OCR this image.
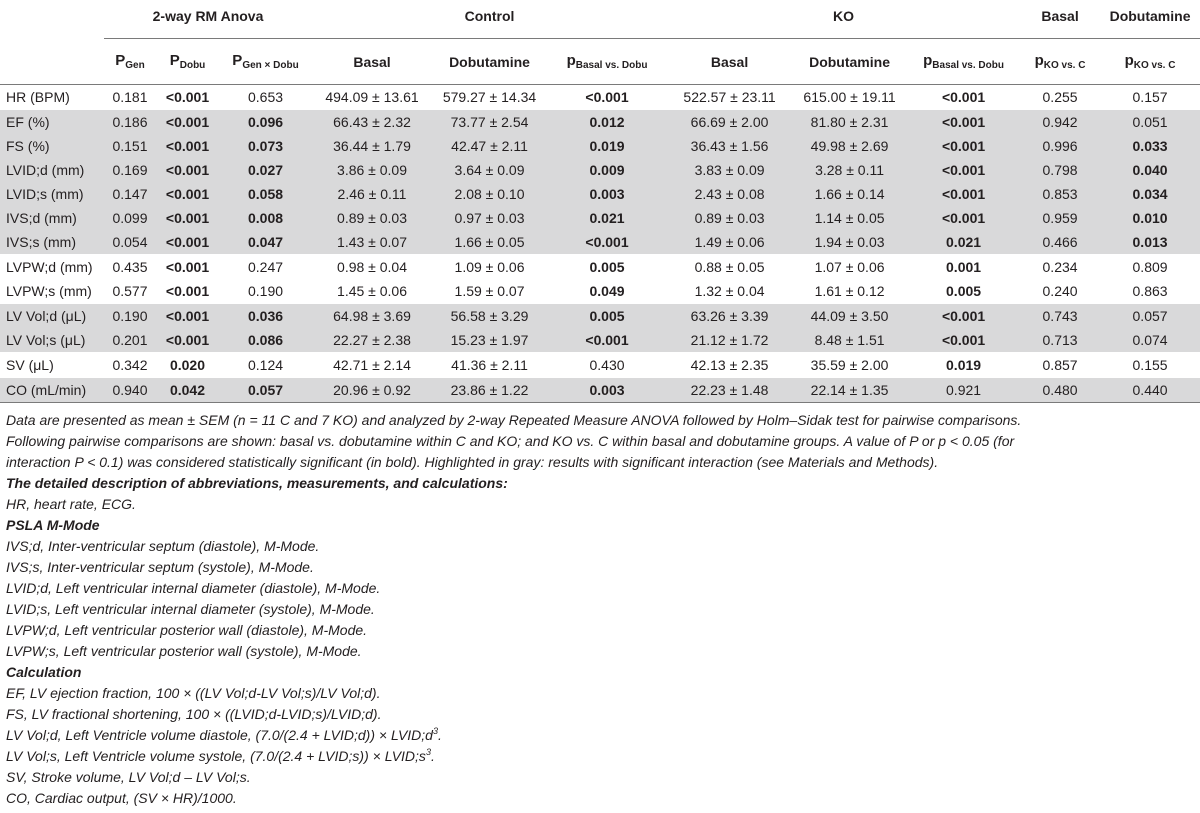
	2-way RM Anova			Control			KO			Basal	Dobutamine
	$P_{Gen}$	$P_{Dobu}$	$P_{Gen \times Dobu}$	Basal	Dobutamine	$p_{Basal vs. Dobu}$	Basal	Dobutamine	$p_{Basal vs. Dobu}$	$p_{KO vs. C}$	$p_{KO vs. C}$
HR (BPM)	0.181	<0.001	0.653	494.09 ± 13.61	579.27 ± 14.34	<0.001	522.57 ± 23.11	615.00 ± 19.11	<0.001	0.255	0.157
EF (%)	0.186	<0.001	0.096	66.43 ± 2.32	73.77 ± 2.54	0.012	66.69 ± 2.00	81.80 ± 2.31	<0.001	0.942	0.051
FS (%)	0.151	<0.001	0.073	36.44 ± 1.79	42.47 ± 2.11	0.019	36.43 ± 1.56	49.98 ± 2.69	<0.001	0.996	0.033
LVID;d (mm)	0.169	<0.001	0.027	3.86 ± 0.09	3.64 ± 0.09	0.009	3.83 ± 0.09	3.28 ± 0.11	<0.001	0.798	0.040
LVID;s (mm)	0.147	<0.001	0.058	2.46 ± 0.11	2.08 ± 0.10	0.003	2.43 ± 0.08	1.66 ± 0.14	<0.001	0.853	0.034
IVS;d (mm)	0.099	<0.001	0.008	0.89 ± 0.03	0.97 ± 0.03	0.021	0.89 ± 0.03	1.14 ± 0.05	<0.001	0.959	0.010
IVS;s (mm)	0.054	<0.001	0.047	1.43 ± 0.07	1.66 ± 0.05	<0.001	1.49 ± 0.06	1.94 ± 0.03	0.021	0.466	0.013
LVPW;d (mm)	0.435	<0.001	0.247	0.98 ± 0.04	1.09 ± 0.06	0.005	0.88 ± 0.05	1.07 ± 0.06	0.001	0.234	0.809
LVPW;s (mm)	0.577	<0.001	0.190	1.45 ± 0.06	1.59 ± 0.07	0.049	1.32 ± 0.04	1.61 ± 0.12	0.005	0.240	0.863
LV Vol;d (μL)	0.190	<0.001	0.036	64.98 ± 3.69	56.58 ± 3.29	0.005	63.26 ± 3.39	44.09 ± 3.50	<0.001	0.743	0.057
LV Vol;s (μL)	0.201	<0.001	0.086	22.27 ± 2.38	15.23 ± 1.97	<0.001	21.12 ± 1.72	8.48 ± 1.51	<0.001	0.713	0.074
SV (μL)	0.342	0.020	0.124	42.71 ± 2.14	41.36 ± 2.11	0.430	42.13 ± 2.35	35.59 ± 2.00	0.019	0.857	0.155
CO (mL/min)	0.940	0.042	0.057	20.96 ± 0.92	23.86 ± 1.22	0.003	22.23 ± 1.48	22.14 ± 1.35	0.921	0.480	0.440

Data are presented as mean ± SEM (n = 11 C and 7 KO) and analyzed by 2-way Repeated Measure ANOVA followed by Holm–Sidak test for pairwise comparisons.

Following pairwise comparisons are shown: basal vs. dobutamine within C and KO; and KO vs. C within basal and dobutamine groups. A value of P or p < 0.05 (for

interaction P < 0.1) was considered statistically significant (in bold). Highlighted in gray: results with significant interaction (see Materials and Methods).

The detailed description of abbreviations, measurements, and calculations:

HR, heart rate, ECG.

PSLA M-Mode

IVS;d, Inter-ventricular septum (diastole), M-Mode.

IVS;s, Inter-ventricular septum (systole), M-Mode.

LVID;d, Left ventricular internal diameter (diastole), M-Mode.

LVID;s, Left ventricular internal diameter (systole), M-Mode.

LVPW;d, Left ventricular posterior wall (diastole), M-Mode.

LVPW;s, Left ventricular posterior wall (systole), M-Mode.

Calculation

EF, LV ejection fraction, 100 × ((LV Vol;d-LV Vol;s)/LV Vol;d).

FS, LV fractional shortening, 100 × ((LVID;d-LVID;s)/LVID;d).

LV Vol;d, Left Ventricle volume diastole, (7.0/(2.4 + LVID;d)) × $LVID;d^3$.

LV Vol;s, Left Ventricle volume systole, (7.0/(2.4 + LVID;s)) × $LVID;s^3$.

SV, Stroke volume, LV Vol;d – LV Vol;s.

CO, Cardiac output, (SV × HR)/1000.
